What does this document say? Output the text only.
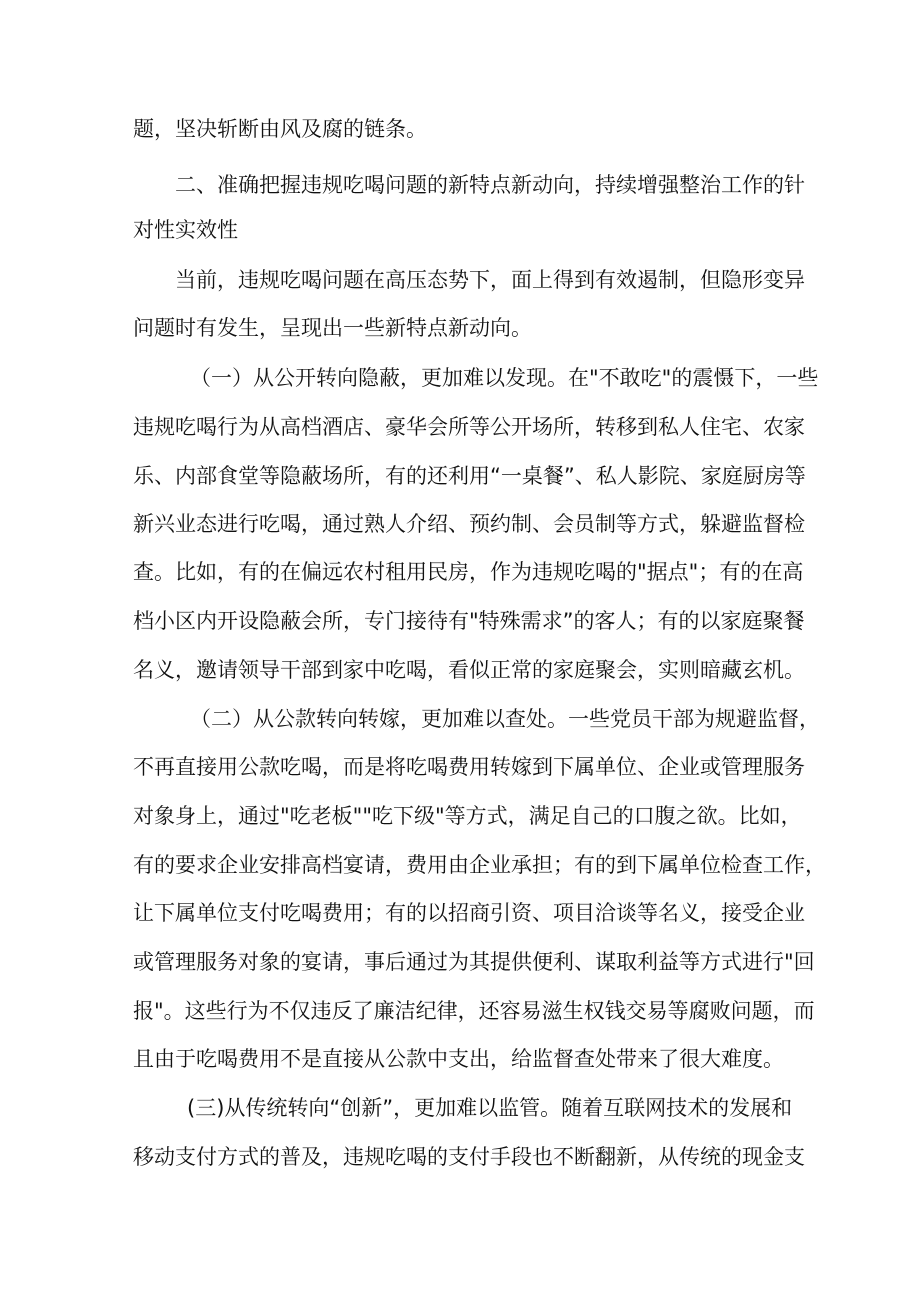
题，坚决斩断由风及腐的链条。
二、准确把握违规吃喝问题的新特点新动向，持续增强整治工作的针
对性实效性
当前，违规吃喝问题在高压态势下，面上得到有效遏制，但隐形变异
问题时有发生，呈现出一些新特点新动向。
（一）从公开转向隐蔽，更加难以发现。在"不敢吃"的震慑下，一些
违规吃喝行为从高档酒店、豪华会所等公开场所，转移到私人住宅、农家
乐、内部食堂等隐蔽场所，有的还利用“一桌餐”、私人影院、家庭厨房等
新兴业态进行吃喝，通过熟人介绍、预约制、会员制等方式，躲避监督检
查。比如，有的在偏远农村租用民房，作为违规吃喝的"据点"；有的在高
档小区内开设隐蔽会所，专门接待有"特殊需求”的客人；有的以家庭聚餐
名义，邀请领导干部到家中吃喝，看似正常的家庭聚会，实则暗藏玄机。
（二）从公款转向转嫁，更加难以查处。一些党员干部为规避监督，
不再直接用公款吃喝，而是将吃喝费用转嫁到下属单位、企业或管理服务
对象身上，通过"吃老板""吃下级"等方式，满足自己的口腹之欲。比如，
有的要求企业安排高档宴请，费用由企业承担；有的到下属单位检查工作，
让下属单位支付吃喝费用；有的以招商引资、项目洽谈等名义，接受企业
或管理服务对象的宴请，事后通过为其提供便利、谋取利益等方式进行"回
报"。这些行为不仅违反了廉洁纪律，还容易滋生权钱交易等腐败问题，而
且由于吃喝费用不是直接从公款中支出，给监督查处带来了很大难度。
(三)从传统转向“创新”，更加难以监管。随着互联网技术的发展和
移动支付方式的普及，违规吃喝的支付手段也不断翻新，从传统的现金支
